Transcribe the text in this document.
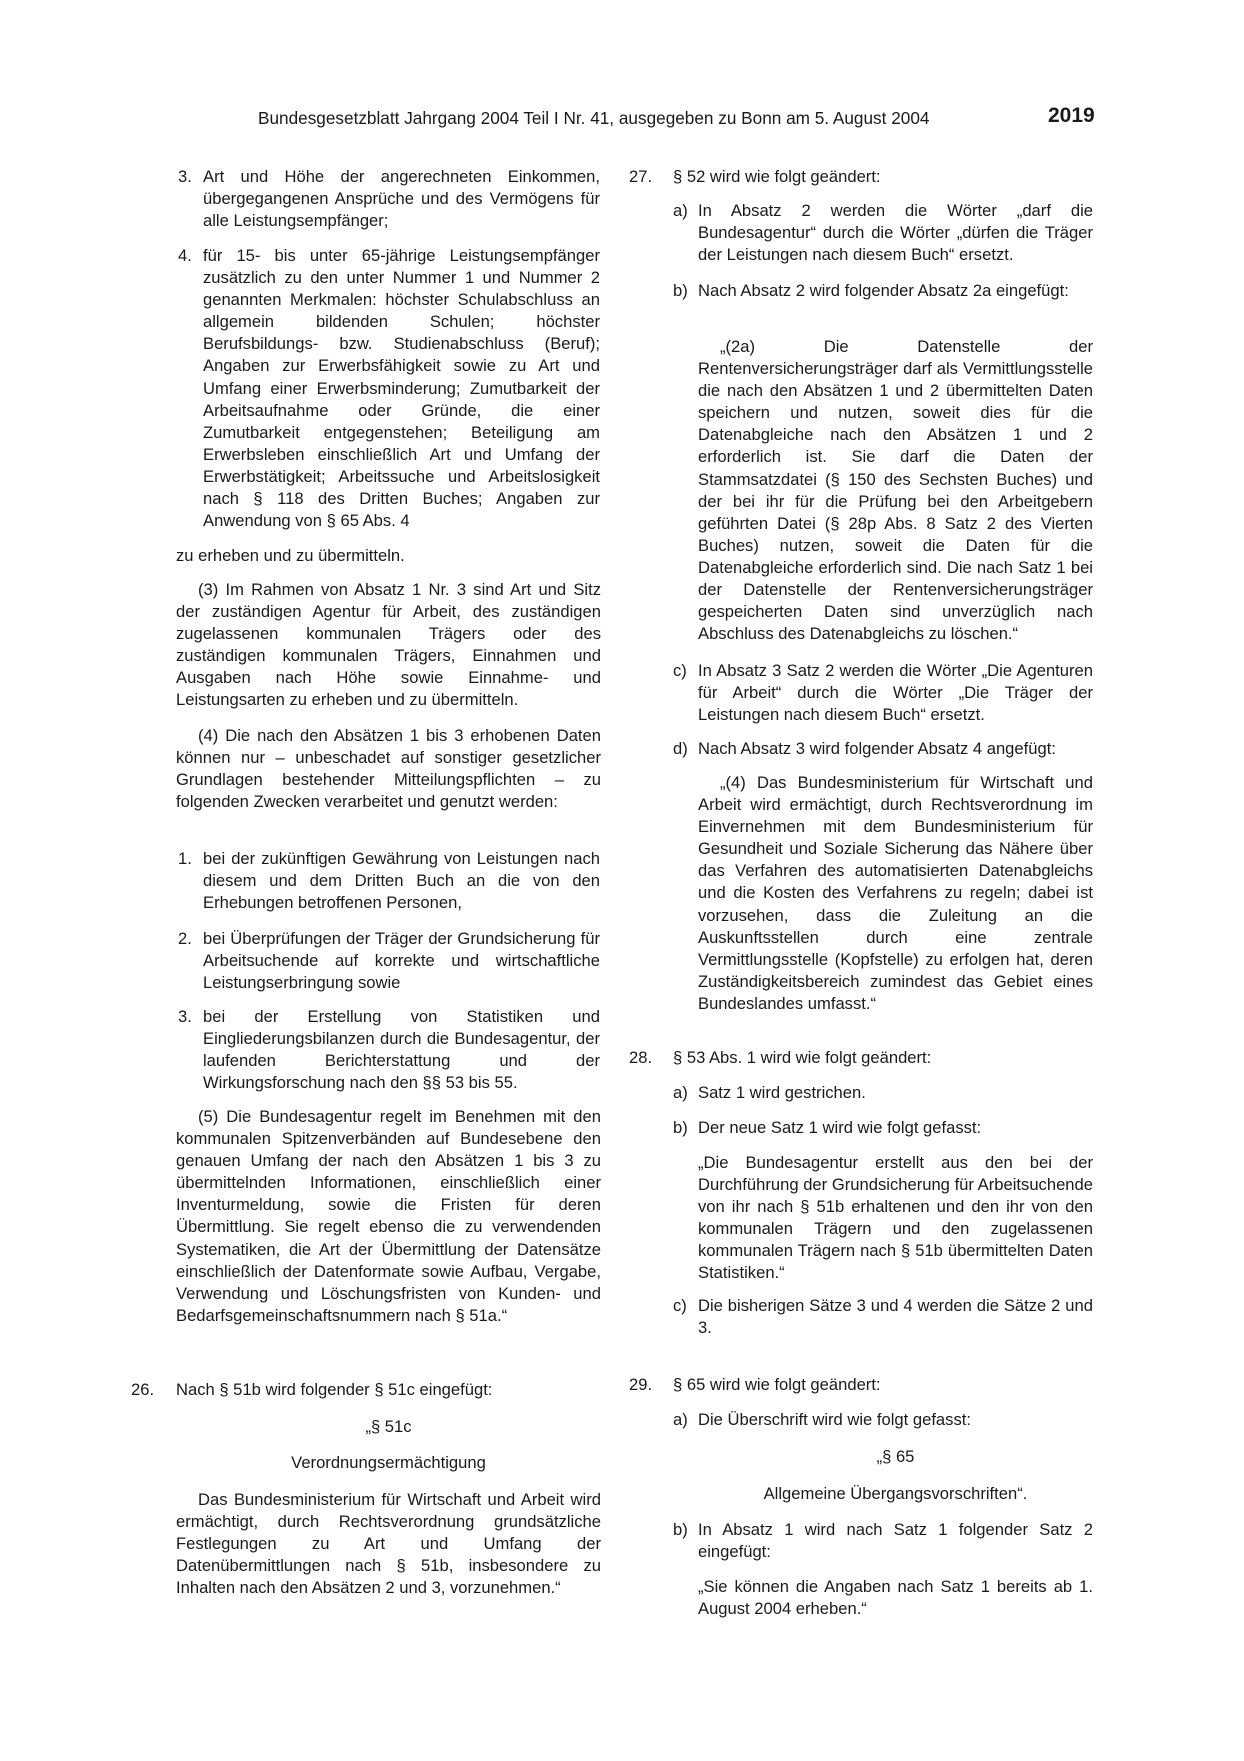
Bundesgesetzblatt Jahrgang 2004 Teil I Nr. 41, ausgegeben zu Bonn am 5. August 2004	2019
3. Art und Höhe der angerechneten Einkommen, übergegangenen Ansprüche und des Vermögens für alle Leistungsempfänger;
4. für 15- bis unter 65-jährige Leistungsempfänger zusätzlich zu den unter Nummer 1 und Nummer 2 genannten Merkmalen: höchster Schulabschluss an allgemein bildenden Schulen; höchster Berufsbildungs- bzw. Studienabschluss (Beruf); Angaben zur Erwerbsfähigkeit sowie zu Art und Umfang einer Erwerbsminderung; Zumutbarkeit der Arbeitsaufnahme oder Gründe, die einer Zumutbarkeit entgegenstehen; Beteiligung am Erwerbsleben einschließlich Art und Umfang der Erwerbstätigkeit; Arbeitssuche und Arbeitslosigkeit nach § 118 des Dritten Buches; Angaben zur Anwendung von § 65 Abs. 4
zu erheben und zu übermitteln.
(3) Im Rahmen von Absatz 1 Nr. 3 sind Art und Sitz der zuständigen Agentur für Arbeit, des zuständigen zugelassenen kommunalen Trägers oder des zuständigen kommunalen Trägers, Einnahmen und Ausgaben nach Höhe sowie Einnahme- und Leistungsarten zu erheben und zu übermitteln.
(4) Die nach den Absätzen 1 bis 3 erhobenen Daten können nur – unbeschadet auf sonstiger gesetzlicher Grundlagen bestehender Mitteilungspflichten – zu folgenden Zwecken verarbeitet und genutzt werden:
1. bei der zukünftigen Gewährung von Leistungen nach diesem und dem Dritten Buch an die von den Erhebungen betroffenen Personen,
2. bei Überprüfungen der Träger der Grundsicherung für Arbeitsuchende auf korrekte und wirtschaftliche Leistungserbringung sowie
3. bei der Erstellung von Statistiken und Eingliederungsbilanzen durch die Bundesagentur, der laufenden Berichterstattung und der Wirkungsforschung nach den §§ 53 bis 55.
(5) Die Bundesagentur regelt im Benehmen mit den kommunalen Spitzenverbänden auf Bundesebene den genauen Umfang der nach den Absätzen 1 bis 3 zu übermittelnden Informationen, einschließlich einer Inventurmeldung, sowie die Fristen für deren Übermittlung. Sie regelt ebenso die zu verwendenden Systematiken, die Art der Übermittlung der Datensätze einschließlich der Datenformate sowie Aufbau, Vergabe, Verwendung und Löschungsfristen von Kunden- und Bedarfsgemeinschaftsnummern nach § 51a.“
26. Nach § 51b wird folgender § 51c eingefügt:
„§ 51c
Verordnungsermächtigung
Das Bundesministerium für Wirtschaft und Arbeit wird ermächtigt, durch Rechtsverordnung grundsätzliche Festlegungen zu Art und Umfang der Datenübermittlungen nach § 51b, insbesondere zu Inhalten nach den Absätzen 2 und 3, vorzunehmen.“
27. § 52 wird wie folgt geändert:
a) In Absatz 2 werden die Wörter „darf die Bundesagentur“ durch die Wörter „dürfen die Träger der Leistungen nach diesem Buch“ ersetzt.
b) Nach Absatz 2 wird folgender Absatz 2a eingefügt:
„(2a) Die Datenstelle der Rentenversicherungsträger darf als Vermittlungsstelle die nach den Absätzen 1 und 2 übermittelten Daten speichern und nutzen, soweit dies für die Datenabgleiche nach den Absätzen 1 und 2 erforderlich ist. Sie darf die Daten der Stammsatzdatei (§ 150 des Sechsten Buches) und der bei ihr für die Prüfung bei den Arbeitgebern geführten Datei (§ 28p Abs. 8 Satz 2 des Vierten Buches) nutzen, soweit die Daten für die Datenabgleiche erforderlich sind. Die nach Satz 1 bei der Datenstelle der Rentenversicherungsträger gespeicherten Daten sind unverzüglich nach Abschluss des Datenabgleichs zu löschen.“
c) In Absatz 3 Satz 2 werden die Wörter „Die Agenturen für Arbeit“ durch die Wörter „Die Träger der Leistungen nach diesem Buch“ ersetzt.
d) Nach Absatz 3 wird folgender Absatz 4 angefügt:
„(4) Das Bundesministerium für Wirtschaft und Arbeit wird ermächtigt, durch Rechtsverordnung im Einvernehmen mit dem Bundesministerium für Gesundheit und Soziale Sicherung das Nähere über das Verfahren des automatisierten Datenabgleichs und die Kosten des Verfahrens zu regeln; dabei ist vorzusehen, dass die Zuleitung an die Auskunftsstellen durch eine zentrale Vermittlungsstelle (Kopfstelle) zu erfolgen hat, deren Zuständigkeitsbereich zumindest das Gebiet eines Bundeslandes umfasst.“
28. § 53 Abs. 1 wird wie folgt geändert:
a) Satz 1 wird gestrichen.
b) Der neue Satz 1 wird wie folgt gefasst:
„Die Bundesagentur erstellt aus den bei der Durchführung der Grundsicherung für Arbeitsuchende von ihr nach § 51b erhaltenen und den ihr von den kommunalen Trägern und den zugelassenen kommunalen Trägern nach § 51b übermittelten Daten Statistiken.“
c) Die bisherigen Sätze 3 und 4 werden die Sätze 2 und 3.
29. § 65 wird wie folgt geändert:
a) Die Überschrift wird wie folgt gefasst:
„§ 65
Allgemeine Übergangsvorschriften“.
b) In Absatz 1 wird nach Satz 1 folgender Satz 2 eingefügt:
„Sie können die Angaben nach Satz 1 bereits ab 1. August 2004 erheben.“
